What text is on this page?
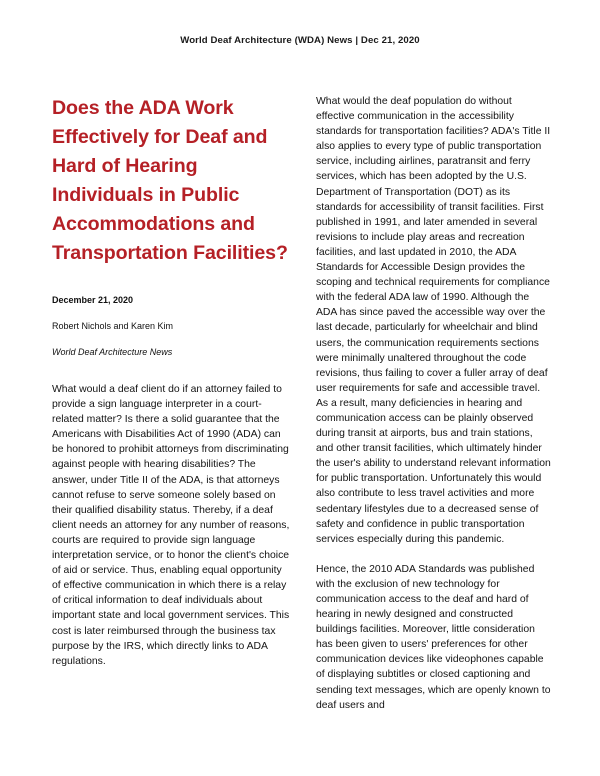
World Deaf Architecture (WDA) News | Dec 21, 2020
Does the ADA Work Effectively for Deaf and Hard of Hearing Individuals in Public Accommodations and Transportation Facilities?
December 21, 2020
Robert Nichols and Karen Kim
World Deaf Architecture News

What would a deaf client do if an attorney failed to provide a sign language interpreter in a court-related matter? Is there a solid guarantee that the Americans with Disabilities Act of 1990 (ADA) can be honored to prohibit attorneys from discriminating against people with hearing disabilities? The answer, under Title II of the ADA, is that attorneys cannot refuse to serve someone solely based on their qualified disability status. Thereby, if a deaf client needs an attorney for any number of reasons, courts are required to provide sign language interpretation service, or to honor the client's choice of aid or service. Thus, enabling equal opportunity of effective communication in which there is a relay of critical information to deaf individuals about important state and local government services. This cost is later reimbursed through the business tax purpose by the IRS, which directly links to ADA regulations.

What would the deaf population do without effective communication in the accessibility standards for transportation facilities? ADA's Title II also applies to every type of public transportation service, including airlines, paratransit and ferry services, which has been adopted by the U.S. Department of Transportation (DOT) as its standards for accessibility of transit facilities. First published in 1991, and later amended in several revisions to include play areas and recreation facilities, and last updated in 2010, the ADA Standards for Accessible Design provides the scoping and technical requirements for compliance with the federal ADA law of 1990. Although the ADA has since paved the accessible way over the last decade, particularly for wheelchair and blind users, the communication requirements sections were minimally unaltered throughout the code revisions, thus failing to cover a fuller array of deaf user requirements for safe and accessible travel. As a result, many deficiencies in hearing and communication access can be plainly observed during transit at airports, bus and train stations, and other transit facilities, which ultimately hinder the user's ability to understand relevant information for public transportation. Unfortunately this would also contribute to less travel activities and more sedentary lifestyles due to a decreased sense of safety and confidence in public transportation services especially during this pandemic.

Hence, the 2010 ADA Standards was published with the exclusion of new technology for communication access to the deaf and hard of hearing in newly designed and constructed buildings facilities. Moreover, little consideration has been given to users' preferences for other communication devices like videophones capable of displaying subtitles or closed captioning and sending text messages, which are openly known to deaf users and
